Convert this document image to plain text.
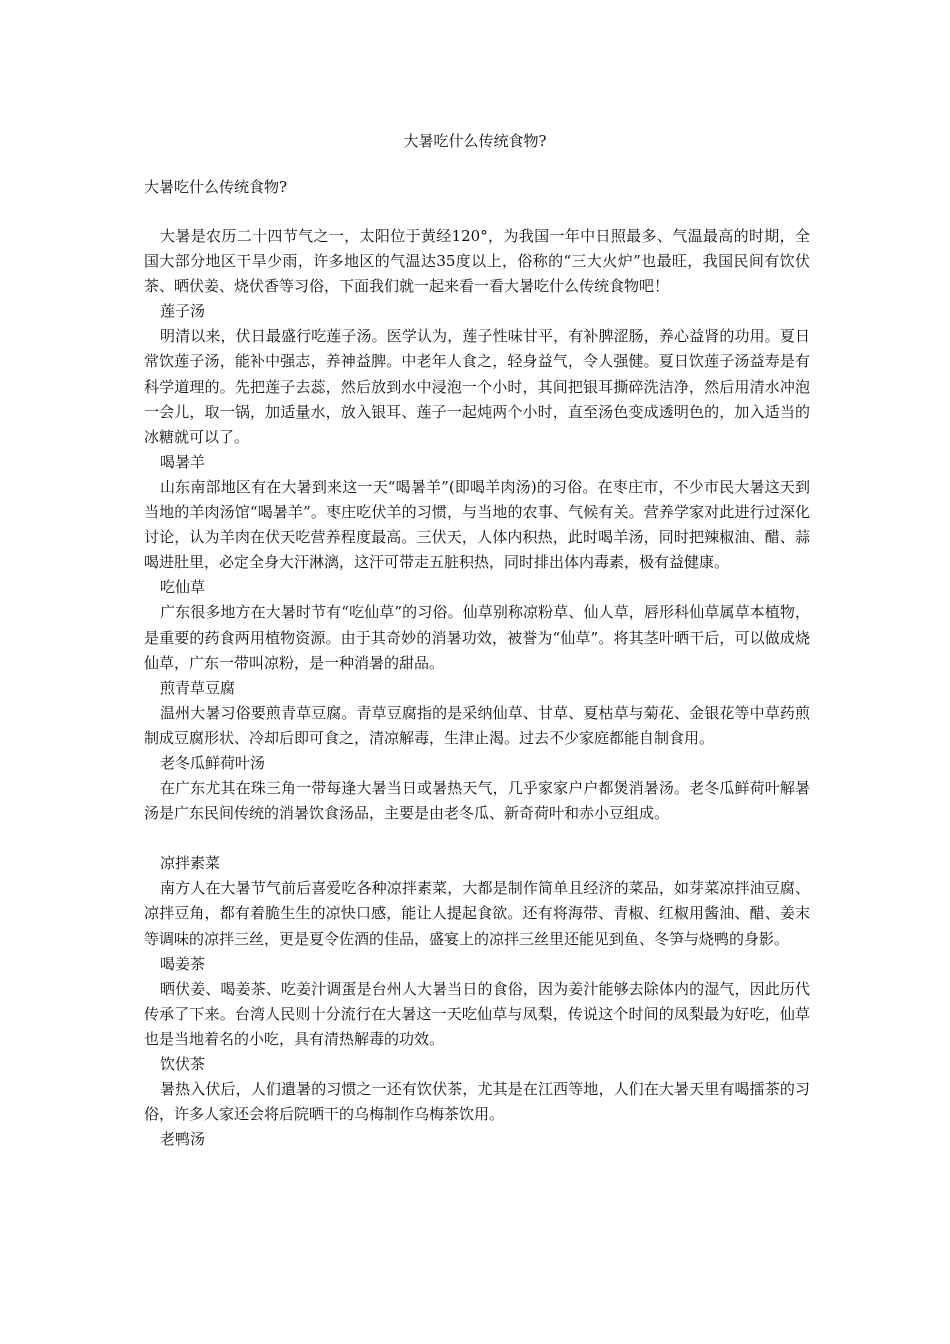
大暑吃什么传统食物?

大暑吃什么传统食物?

大暑是农历二十四节气之一，太阳位于黄经120°，为我国一年中日照最多、气温最高的时期，全国大部分地区干旱少雨，许多地区的气温达35度以上，俗称的“三大火炉”也最旺，我国民间有饮伏茶、晒伏姜、烧伏香等习俗，下面我们就一起来看一看大暑吃什么传统食物吧！

莲子汤

明清以来，伏日最盛行吃莲子汤。医学认为，莲子性味甘平，有补脾涩肠，养心益肾的功用。夏日常饮莲子汤，能补中强志，养神益脾。中老年人食之，轻身益气，令人强健。夏日饮莲子汤益寿是有科学道理的。先把莲子去蕊，然后放到水中浸泡一个小时，其间把银耳撕碎洗洁净，然后用清水冲泡一会儿，取一锅，加适量水，放入银耳、莲子一起炖两个小时，直至汤色变成透明色的，加入适当的冰糖就可以了。

喝暑羊

山东南部地区有在大暑到来这一天“喝暑羊”(即喝羊肉汤)的习俗。在枣庄市，不少市民大暑这天到当地的羊肉汤馆“喝暑羊”。枣庄吃伏羊的习惯，与当地的农事、气候有关。营养学家对此进行过深化讨论，认为羊肉在伏天吃营养程度最高。三伏天，人体内积热，此时喝羊汤，同时把辣椒油、醋、蒜喝进肚里，必定全身大汗淋漓，这汗可带走五脏积热，同时排出体内毒素，极有益健康。

吃仙草

广东很多地方在大暑时节有“吃仙草”的习俗。仙草别称凉粉草、仙人草，唇形科仙草属草本植物，是重要的药食两用植物资源。由于其奇妙的消暑功效，被誉为“仙草”。将其茎叶晒干后，可以做成烧仙草，广东一带叫凉粉，是一种消暑的甜品。

煎青草豆腐

温州大暑习俗要煎青草豆腐。青草豆腐指的是采纳仙草、甘草、夏枯草与菊花、金银花等中草药煎制成豆腐形状、冷却后即可食之，清凉解毒，生津止渴。过去不少家庭都能自制食用。

老冬瓜鲜荷叶汤

在广东尤其在珠三角一带每逢大暑当日或暑热天气，几乎家家户户都煲消暑汤。老冬瓜鲜荷叶解暑汤是广东民间传统的消暑饮食汤品，主要是由老冬瓜、新奇荷叶和赤小豆组成。

凉拌素菜

南方人在大暑节气前后喜爱吃各种凉拌素菜，大都是制作简单且经济的菜品，如芽菜凉拌油豆腐、凉拌豆角，都有着脆生生的凉快口感，能让人提起食欲。还有将海带、青椒、红椒用酱油、醋、姜末等调味的凉拌三丝，更是夏令佐酒的佳品，盛宴上的凉拌三丝里还能见到鱼、冬笋与烧鸭的身影。

喝姜茶

晒伏姜、喝姜茶、吃姜汁调蛋是台州人大暑当日的食俗，因为姜汁能够去除体内的湿气，因此历代传承了下来。台湾人民则十分流行在大暑这一天吃仙草与凤梨，传说这个时间的凤梨最为好吃，仙草也是当地着名的小吃，具有清热解毒的功效。

饮伏茶

暑热入伏后，人们遣暑的习惯之一还有饮伏茶，尤其是在江西等地，人们在大暑天里有喝擂茶的习俗，许多人家还会将后院晒干的乌梅制作乌梅茶饮用。

老鸭汤
